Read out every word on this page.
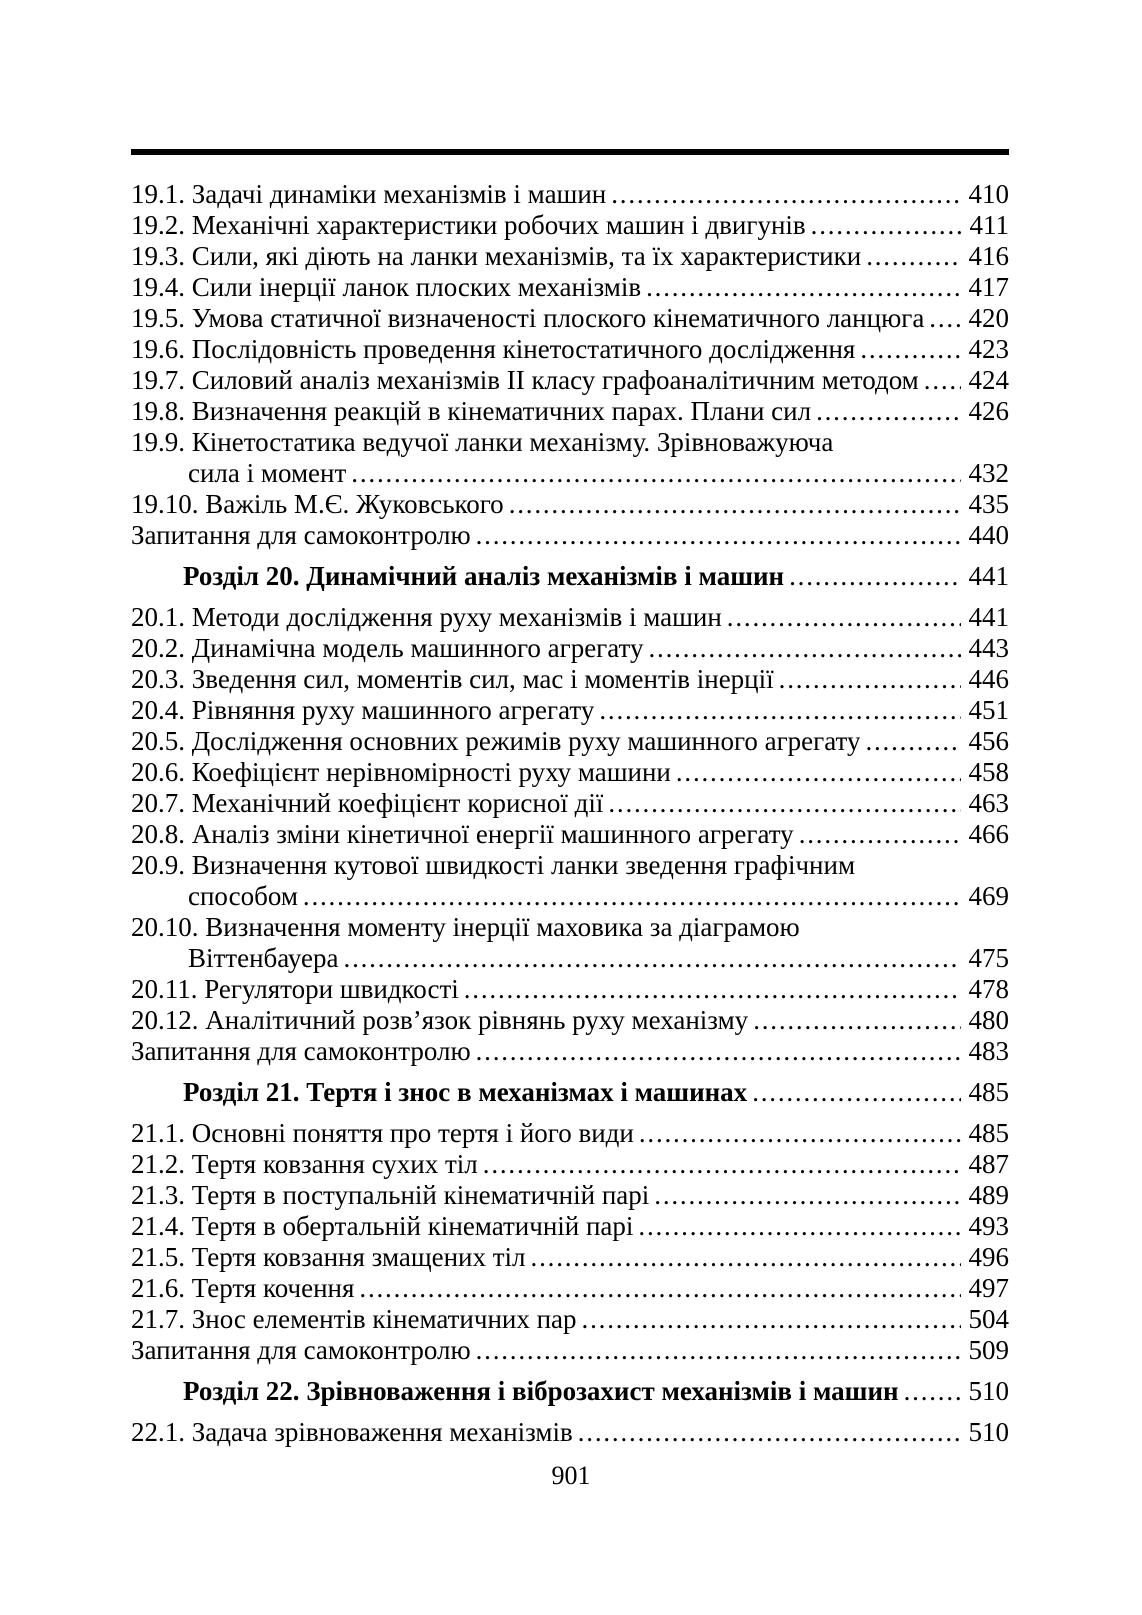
19.1. Задачі динаміки механізмів і машин .....	410
19.2. Механічні характеристики робочих машин і двигунів .....	411
19.3. Сили, які діють на ланки механізмів, та їх характеристики .....	416
19.4. Сили інерції ланок плоских механізмів .....	417
19.5. Умова статичної визначеності плоского кінематичного ланцюга ..... 420
19.6. Послідовність проведення кінетостатичного дослідження .....	423
19.7. Силовий аналіз механізмів ІІ класу графоаналітичним методом ..... 424
19.8. Визначення реакцій в кінематичних парах. Плани сил .....	426
19.9. Кінетостатика ведучої ланки механізму. Зрівноважуюча
сила і момент .....	432
19.10. Важіль М.Є. Жуковського .....	435
Запитання для самоконтролю .....	440
Розділ 20. Динамічний аналіз механізмів і машин .....	441
20.1. Методи дослідження руху механізмів і машин .....	441
20.2. Динамічна модель машинного агрегату .....	443
20.3. Зведення сил, моментів сил, мас і моментів інерції .....	446
20.4. Рівняння руху машинного агрегату .....	451
20.5. Дослідження основних режимів руху машинного агрегату .....	456
20.6. Коефіцієнт нерівномірності руху машини .....	458
20.7. Механічний коефіцієнт корисної дії .....	463
20.8. Аналіз зміни кінетичної енергії машинного агрегату .....	466
20.9. Визначення кутової швидкості ланки зведення графічним
способом .....	469
20.10. Визначення моменту інерції маховика за діаграмою
Віттенбауера .....	475
20.11. Регулятори швидкості .....	478
20.12. Аналітичний розв’язок рівнянь руху механізму .....	480
Запитання для самоконтролю .....	483
Розділ 21. Тертя і знос в механізмах і машинах .....	485
21.1. Основні поняття про тертя і його види .....	485
21.2. Тертя ковзання сухих тіл .....	487
21.3. Тертя в поступальній кінематичній парі .....	489
21.4. Тертя в обертальній кінематичній парі .....	493
21.5. Тертя ковзання змащених тіл .....	496
21.6. Тертя кочення .....	497
21.7. Знос елементів кінематичних пар .....	504
Запитання для самоконтролю .....	509
Розділ 22. Зрівноваження і віброзахист механізмів і машин .....	510
22.1. Задача зрівноваження механізмів .....	510
901
